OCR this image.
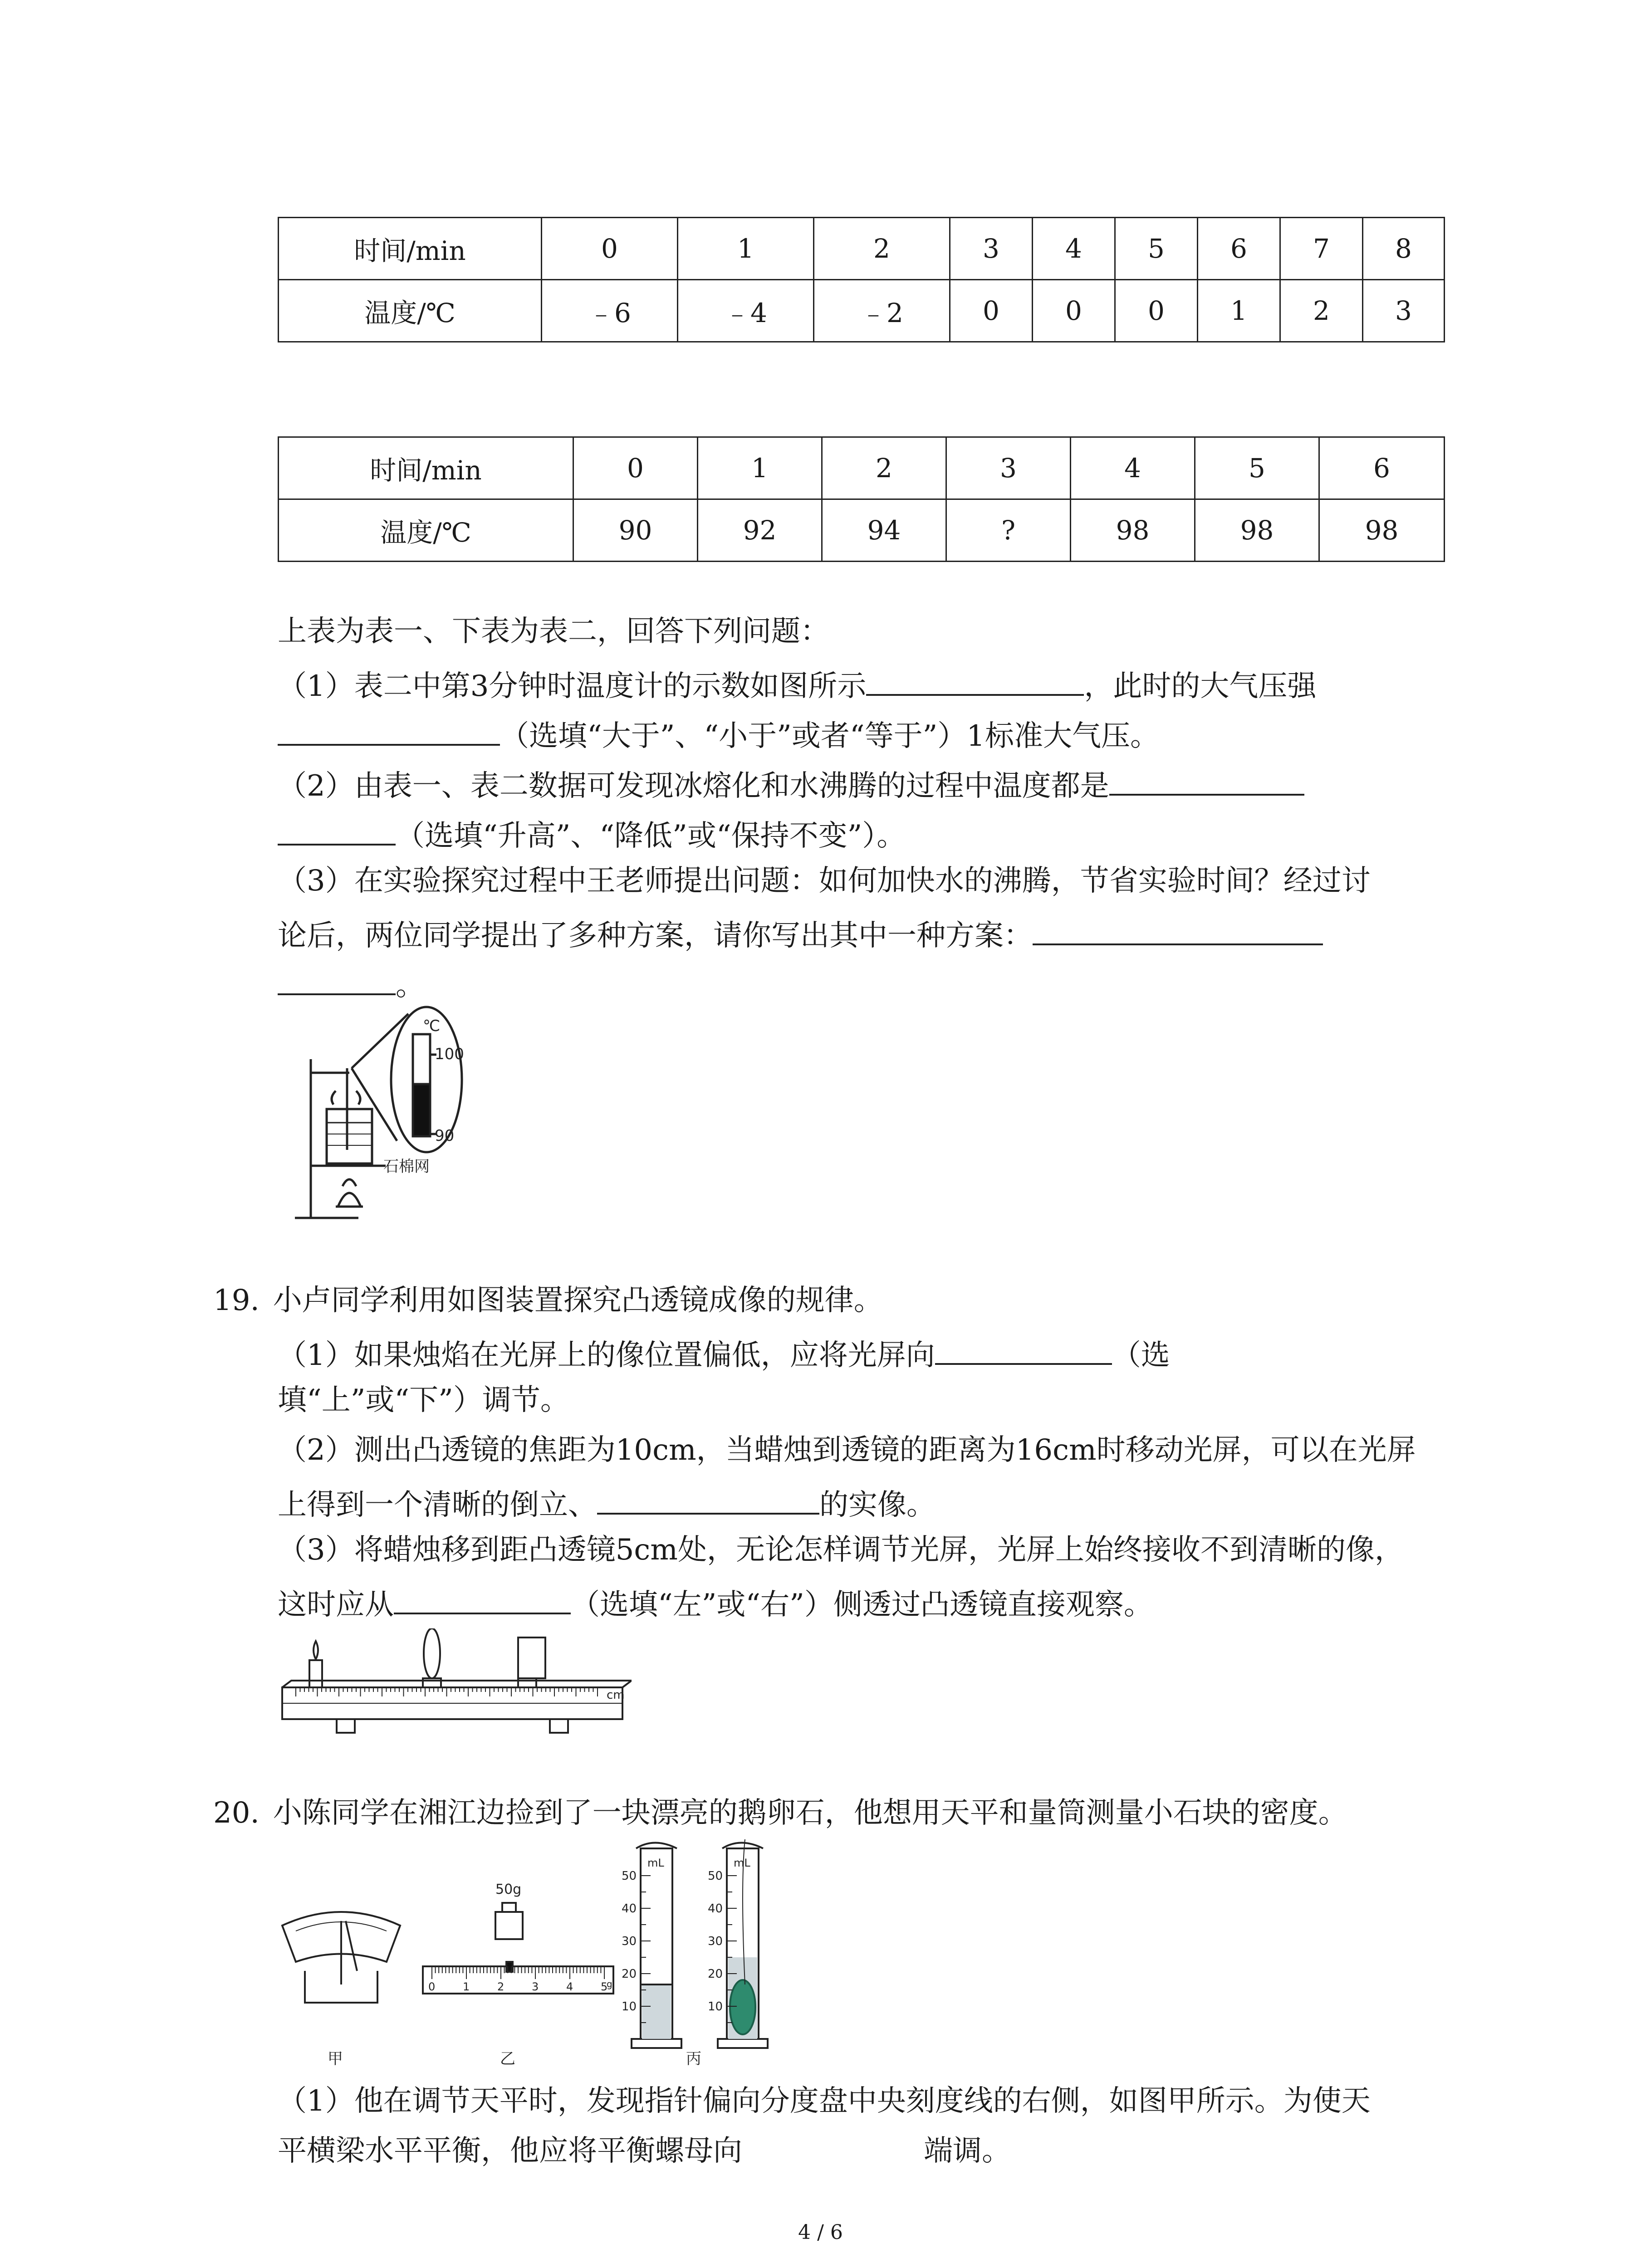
时间/min	0	1	2	3	4	5	6	7	8
温度/℃	﹣6	﹣4	﹣2	0	0	0	1	2	3
时间/min	0	1	2	3	4	5	6
温度/℃	90	92	94	?	98	98	98
上表为表一、下表为表二，回答下列问题：
（1）表二中第3分钟时温度计的示数如图所示	，此时的大气压强
（选填“大于”、“小于”或者“等于”）1标准大气压。
（2）由表一、表二数据可发现冰熔化和水沸腾的过程中温度都是
（选填“升高”、“降低”或“保持不变”）。
（3）在实验探究过程中王老师提出问题：如何加快水的沸腾，节省实验时间？经过讨
论后，两位同学提出了多种方案，请你写出其中一种方案：
。
℃
100
90
石棉网
19. 小卢同学利用如图装置探究凸透镜成像的规律。
（1）如果烛焰在光屏上的像位置偏低，应将光屏向	（选
填“上”或“下”）调节。
（2）测出凸透镜的焦距为10cm，当蜡烛到透镜的距离为16cm时移动光屏，可以在光屏
上得到一个清晰的倒立、	的实像。
（3）将蜡烛移到距凸透镜5cm处，无论怎样调节光屏，光屏上始终接收不到清晰的像，
这时应从	（选填“左”或“右”）侧透过凸透镜直接观察。
cm
20. 小陈同学在湘江边捡到了一块漂亮的鹅卵石，他想用天平和量筒测量小石块的密度。
50g
mL	mL
50	50
40	40
30	30
20	20
10	10
0	1	2	3	4	5
g
甲	乙	丙
（1）他在调节天平时，发现指针偏向分度盘中央刻度线的右侧，如图甲所示。为使天
平横梁水平平衡，他应将平衡螺母向	端调。
4 / 6
